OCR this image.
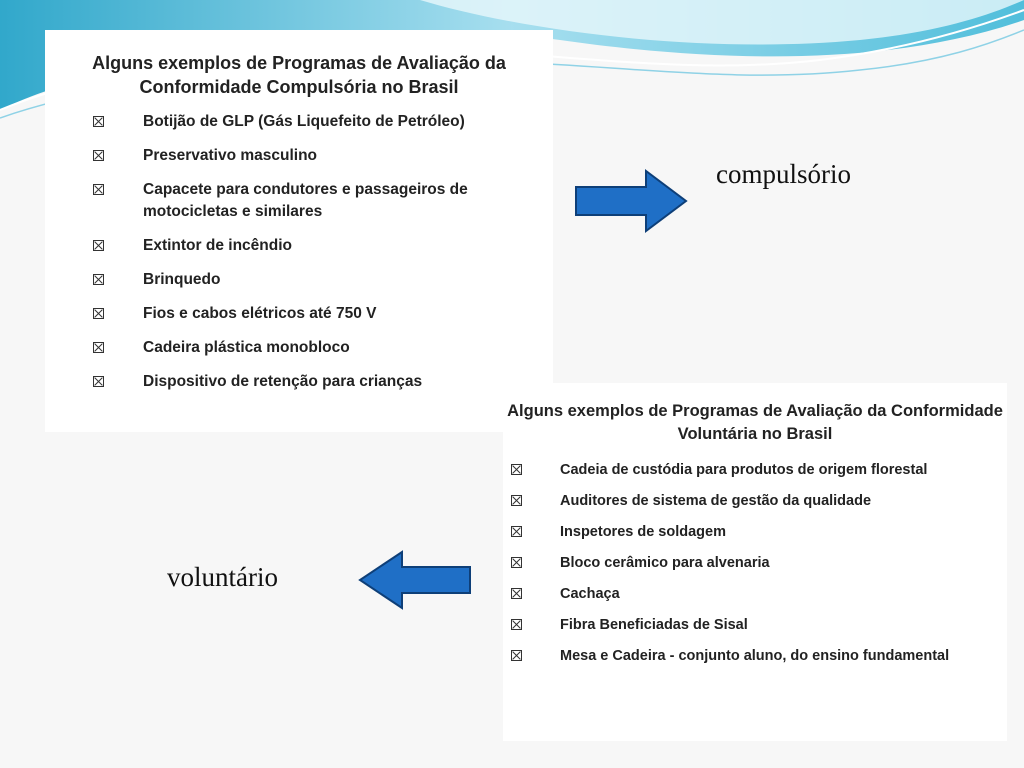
Alguns exemplos de Programas de Avaliação da Conformidade Compulsória no Brasil

Botijão de GLP (Gás Liquefeito de Petróleo)
Preservativo masculino
Capacete para condutores e passageiros de motocicletas e similares
Extintor de incêndio
Brinquedo
Fios e cabos elétricos até 750 V
Cadeira plástica monobloco
Dispositivo de retenção para crianças
compulsório

Alguns exemplos de Programas de Avaliação da Conformidade Voluntária no Brasil

Cadeia de custódia para produtos de origem florestal
Auditores de sistema de gestão da qualidade
Inspetores de soldagem
Bloco cerâmico para alvenaria
Cachaça
Fibra Beneficiadas de Sisal
Mesa e Cadeira - conjunto aluno, do ensino fundamental
voluntário
